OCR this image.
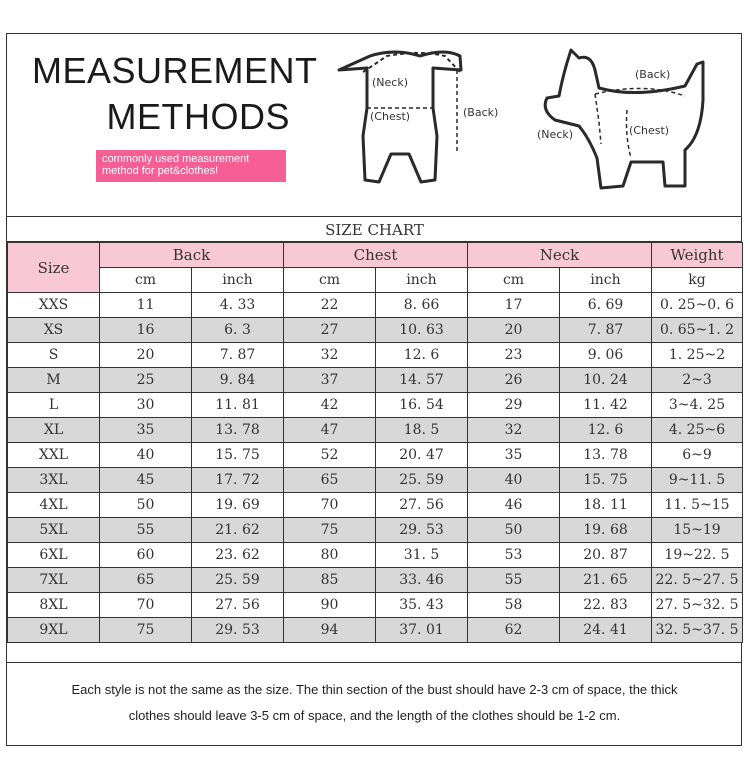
MEASUREMENT
METHODS
commonly used measurement
method for pet&clothes!
(Neck)
(Chest)	(Back)
(Back)
(Neck)	(Chest)
SIZE CHART
Size	Back		Chest		Neck		Weight
	cm	inch	cm	inch	cm	inch	kg
XXS	11	4. 33	22	8. 66	17	6. 69	0. 25~0. 6
XS	16	6. 3	27	10. 63	20	7. 87	0. 65~1. 2
S	20	7. 87	32	12. 6	23	9. 06	1. 25~2
M	25	9. 84	37	14. 57	26	10. 24	2~3
L	30	11. 81	42	16. 54	29	11. 42	3~4. 25
XL	35	13. 78	47	18. 5	32	12. 6	4. 25~6
XXL	40	15. 75	52	20. 47	35	13. 78	6~9
3XL	45	17. 72	65	25. 59	40	15. 75	9~11. 5
4XL	50	19. 69	70	27. 56	46	18. 11	11. 5~15
5XL	55	21. 62	75	29. 53	50	19. 68	15~19
6XL	60	23. 62	80	31. 5	53	20. 87	19~22. 5
7XL	65	25. 59	85	33. 46	55	21. 65	22. 5~27. 5
8XL	70	27. 56	90	35. 43	58	22. 83	27. 5~32. 5
9XL	75	29. 53	94	37. 01	62	24. 41	32. 5~37. 5
Each style is not the same as the size. The thin section of the bust should have 2-3 cm of space, the thick
clothes should leave 3-5 cm of space, and the length of the clothes should be 1-2 cm.
